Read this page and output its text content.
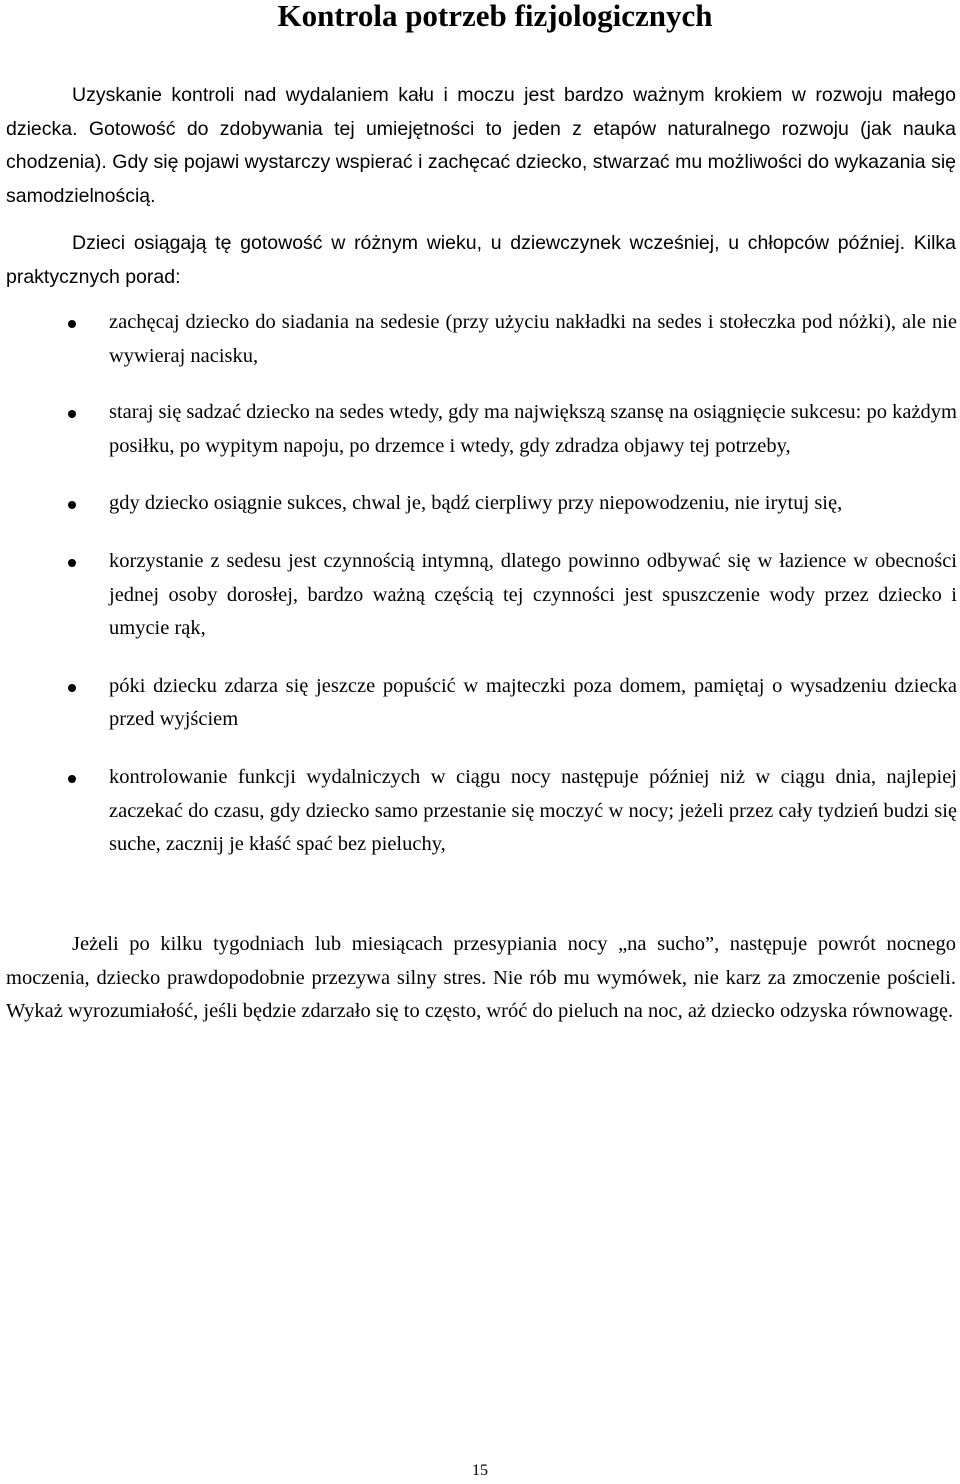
Kontrola potrzeb fizjologicznych

Uzyskanie kontroli nad wydalaniem kału i moczu jest bardzo ważnym krokiem w rozwoju małego dziecka. Gotowość do zdobywania tej umiejętności to jeden z etapów naturalnego rozwoju (jak nauka chodzenia). Gdy się pojawi wystarczy wspierać i zachęcać dziecko, stwarzać mu możliwości do wykazania się samodzielnością.

Dzieci osiągają tę gotowość w różnym wieku, u dziewczynek wcześniej, u chłopców później. Kilka praktycznych porad:

zachęcaj dziecko do siadania na sedesie (przy użyciu nakładki na sedes i stołeczka pod nóżki), ale nie wywieraj nacisku,
staraj się sadzać dziecko na sedes wtedy, gdy ma największą szansę na osiągnięcie sukcesu: po każdym posiłku, po wypitym napoju, po drzemce i wtedy, gdy zdradza objawy tej potrzeby,
gdy dziecko osiągnie sukces, chwal je, bądź cierpliwy przy niepowodzeniu, nie irytuj się,
korzystanie z sedesu jest czynnością intymną, dlatego powinno odbywać się w łazience w obecności jednej osoby dorosłej, bardzo ważną częścią tej czynności jest spuszczenie wody przez dziecko i umycie rąk,
póki dziecku zdarza się jeszcze popuścić w majteczki poza domem, pamiętaj o wysadzeniu dziecka przed wyjściem
kontrolowanie funkcji wydalniczych w ciągu nocy następuje później niż w ciągu dnia, najlepiej zaczekać do czasu, gdy dziecko samo przestanie się moczyć w nocy; jeżeli przez cały tydzień budzi się suche, zacznij je kłaść spać bez pieluchy,

Jeżeli po kilku tygodniach lub miesiącach przesypiania nocy „na sucho”, następuje powrót nocnego moczenia, dziecko prawdopodobnie przezywa silny stres. Nie rób mu wymówek, nie karz za zmoczenie pościeli. Wykaż wyrozumiałość, jeśli będzie zdarzało się to często, wróć do pieluch na noc, aż dziecko odzyska równowagę.

15
